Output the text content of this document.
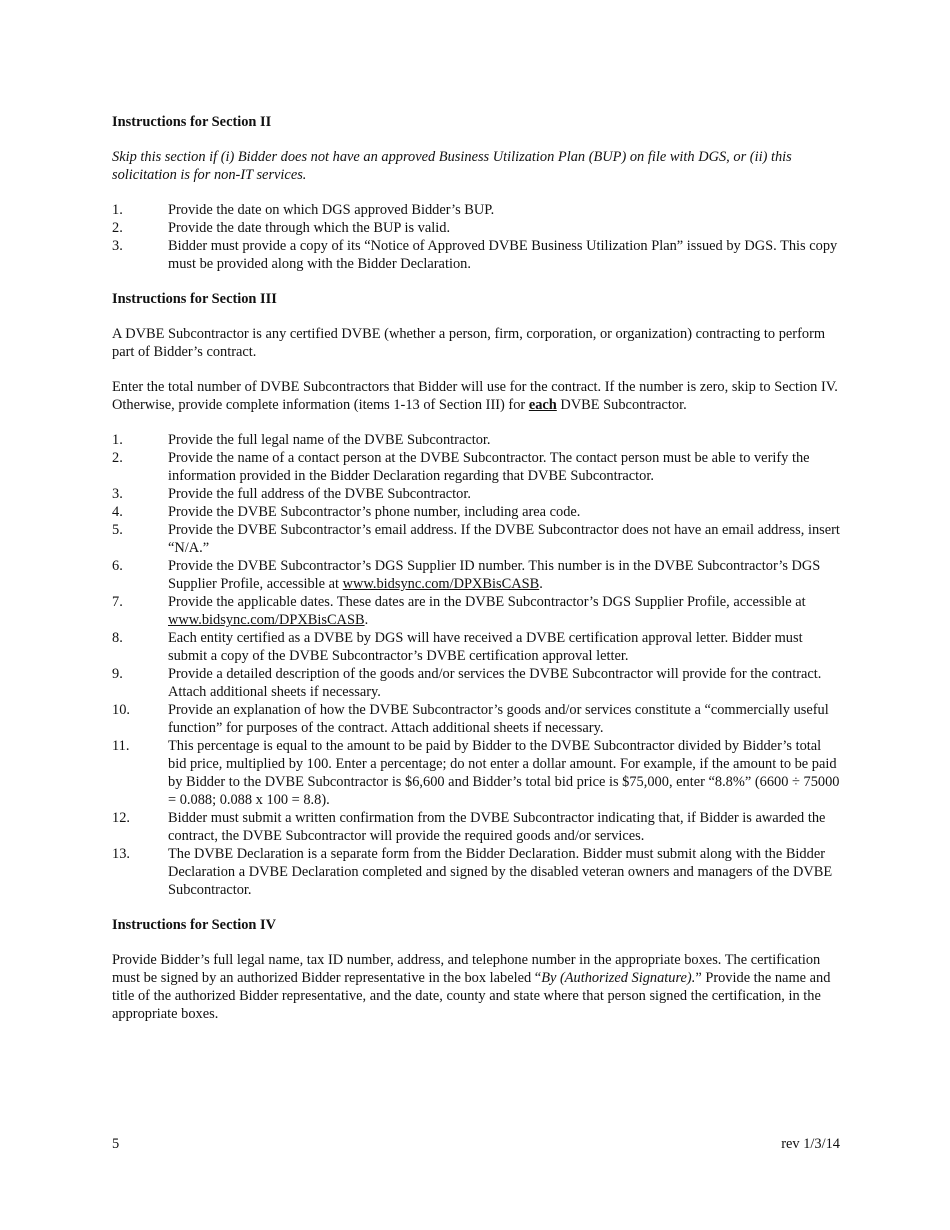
Instructions for Section II

Skip this section if (i) Bidder does not have an approved Business Utilization Plan (BUP) on file with DGS, or (ii) this solicitation is for non-IT services.

1.	Provide the date on which DGS approved Bidder’s BUP.
2.	Provide the date through which the BUP is valid.
3.	Bidder must provide a copy of its “Notice of Approved DVBE Business Utilization Plan” issued by DGS. This copy must be provided along with the Bidder Declaration.
Instructions for Section III

A DVBE Subcontractor is any certified DVBE (whether a person, firm, corporation, or organization) contracting to perform part of Bidder’s contract.

Enter the total number of DVBE Subcontractors that Bidder will use for the contract. If the number is zero, skip to Section IV. Otherwise, provide complete information (items 1-13 of Section III) for each DVBE Subcontractor.

1.	Provide the full legal name of the DVBE Subcontractor.
2.	Provide the name of a contact person at the DVBE Subcontractor. The contact person must be able to verify the information provided in the Bidder Declaration regarding that DVBE Subcontractor.
3.	Provide the full address of the DVBE Subcontractor.
4.	Provide the DVBE Subcontractor’s phone number, including area code.
5.	Provide the DVBE Subcontractor’s email address. If the DVBE Subcontractor does not have an email address, insert “N/A.”
6.	Provide the DVBE Subcontractor’s DGS Supplier ID number. This number is in the DVBE Subcontractor’s DGS Supplier Profile, accessible at www.bidsync.com/DPXBisCASB.
7.	Provide the applicable dates. These dates are in the DVBE Subcontractor’s DGS Supplier Profile, accessible at www.bidsync.com/DPXBisCASB.
8.	Each entity certified as a DVBE by DGS will have received a DVBE certification approval letter. Bidder must submit a copy of the DVBE Subcontractor’s DVBE certification approval letter.
9.	Provide a detailed description of the goods and/or services the DVBE Subcontractor will provide for the contract. Attach additional sheets if necessary.
10.	Provide an explanation of how the DVBE Subcontractor’s goods and/or services constitute a “commercially useful function” for purposes of the contract. Attach additional sheets if necessary.
11.	This percentage is equal to the amount to be paid by Bidder to the DVBE Subcontractor divided by Bidder’s total bid price, multiplied by 100. Enter a percentage; do not enter a dollar amount. For example, if the amount to be paid by Bidder to the DVBE Subcontractor is $6,600 and Bidder’s total bid price is $75,000, enter “8.8%” (6600 ÷ 75000 = 0.088; 0.088 x 100 = 8.8).
12.	Bidder must submit a written confirmation from the DVBE Subcontractor indicating that, if Bidder is awarded the contract, the DVBE Subcontractor will provide the required goods and/or services.
13.	The DVBE Declaration is a separate form from the Bidder Declaration. Bidder must submit along with the Bidder Declaration a DVBE Declaration completed and signed by the disabled veteran owners and managers of the DVBE Subcontractor.
Instructions for Section IV

Provide Bidder’s full legal name, tax ID number, address, and telephone number in the appropriate boxes. The certification must be signed by an authorized Bidder representative in the box labeled “By (Authorized Signature).” Provide the name and title of the authorized Bidder representative, and the date, county and state where that person signed the certification, in the appropriate boxes.

5	rev 1/3/14
